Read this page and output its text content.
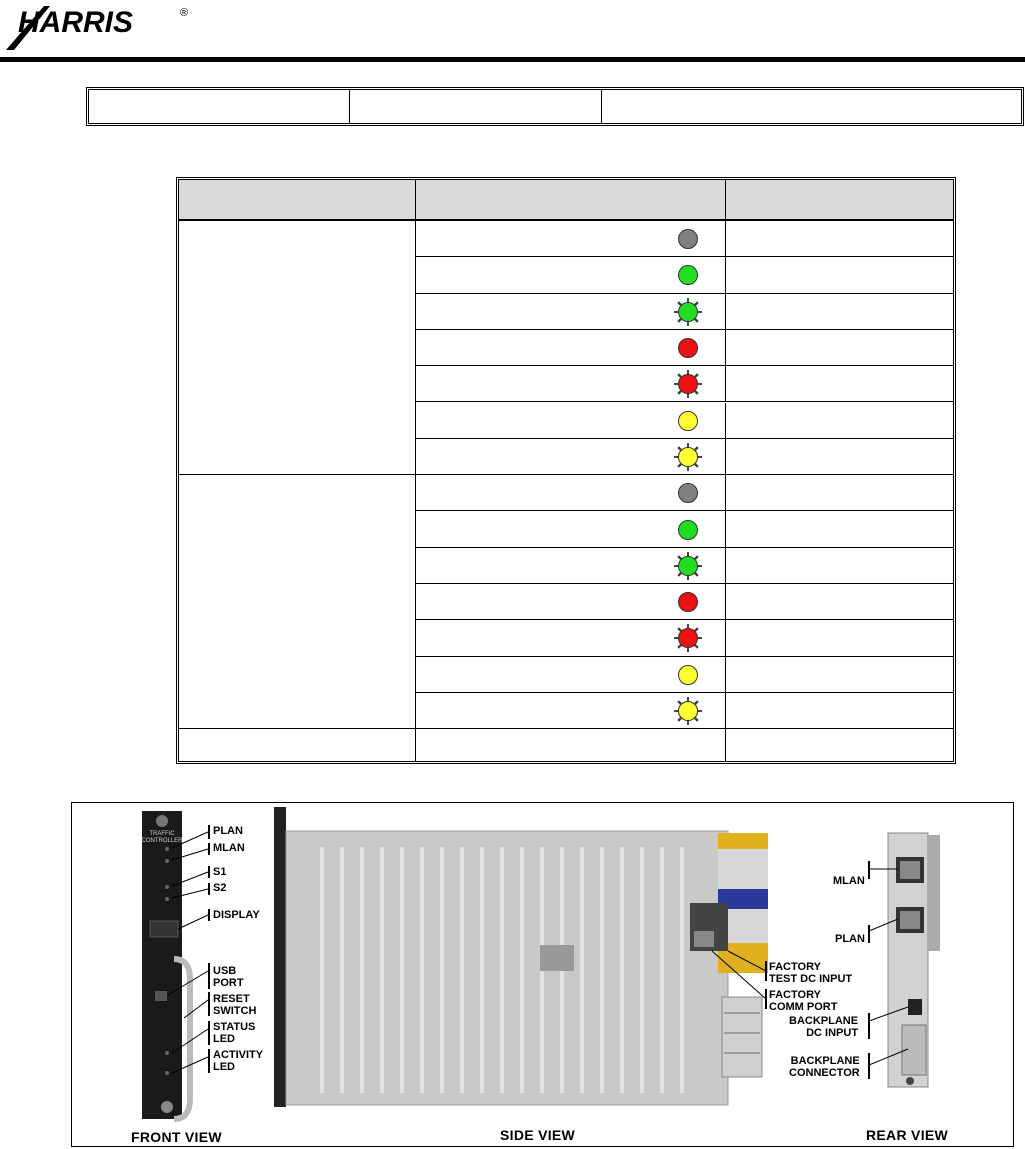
HARRIS	®
TRAFFIC
CONTROLLER
PLAN
MLAN
S1
S2
DISPLAY
USB
PORT
RESET
SWITCH
STATUS
LED
ACTIVITY
LED
FACTORY
TEST DC INPUT
FACTORY
COMM PORT
MLAN
PLAN
BACKPLANE
DC INPUT
BACKPLANE
CONNECTOR
FRONT VIEW	SIDE VIEW	REAR VIEW
